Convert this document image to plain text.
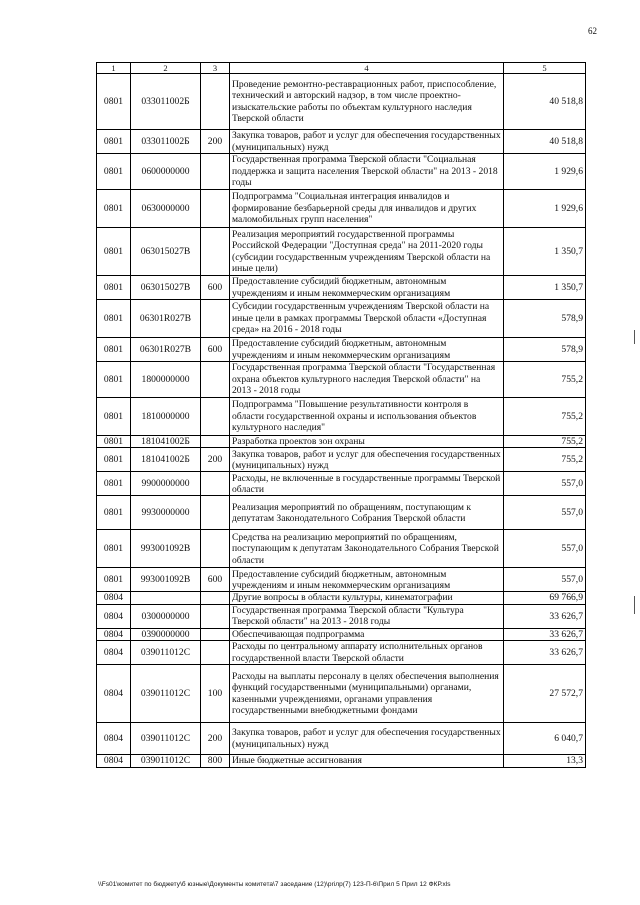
62
1	2	3	4	5
0801	033011002Б		Проведение ремонтно-реставрационных работ, приспособление, технический и авторский надзор, в том числе проектно-изыскательские работы по объектам культурного наследия Тверской области	40 518,8
0801	033011002Б	200	Закупка товаров, работ и услуг для обеспечения государственных (муниципальных) нужд	40 518,8
0801	0600000000		Государственная программа Тверской области "Социальная поддержка и защита населения Тверской области" на 2013 - 2018 годы	1 929,6
0801	0630000000		Подпрограмма "Социальная интеграция инвалидов и формирование безбарьерной среды для инвалидов и других маломобильных групп населения"	1 929,6
0801	063015027В		Реализация мероприятий государственной программы Российской Федерации "Доступная среда" на 2011-2020 годы (субсидии государственным учреждениям Тверской области на иные цели)	1 350,7
0801	063015027В	600	Предоставление субсидий бюджетным, автономным учреждениям и иным некоммерческим организациям	1 350,7
0801	06301R027В		Субсидии государственным учреждениям Тверской области на иные цели в рамках программы Тверской области «Доступная среда» на 2016 - 2018 годы	578,9
0801	06301R027В	600	Предоставление субсидий бюджетным, автономным учреждениям и иным некоммерческим организациям	578,9
0801	1800000000		Государственная программа Тверской области "Государственная охрана объектов культурного наследия Тверской области" на 2013 - 2018 годы	755,2
0801	1810000000		Подпрограмма "Повышение результативности контроля в области государственной охраны и использования объектов культурного наследия"	755,2
0801	181041002Б		Разработка проектов зон охраны	755,2
0801	181041002Б	200	Закупка товаров, работ и услуг для обеспечения государственных (муниципальных) нужд	755,2
0801	9900000000		Расходы, не включенные в государственные программы Тверской области	557,0
0801	9930000000		Реализация мероприятий по обращениям, поступающим к депутатам Законодательного Собрания Тверской области	557,0
0801	993001092В		Средства на реализацию мероприятий по обращениям, поступающим к депутатам Законодательного Собрания Тверской области	557,0
0801	993001092В	600	Предоставление субсидий бюджетным, автономным учреждениям и иным некоммерческим организациям	557,0
0804			Другие вопросы в области культуры, кинематографии	69 766,9
0804	0300000000		Государственная программа Тверской области "Культура Тверской области" на 2013 - 2018 годы	33 626,7
0804	0390000000		Обеспечивающая подпрограмма	33 626,7
0804	039011012С		Расходы по центральному аппарату исполнительных органов государственной власти Тверской области	33 626,7
0804	039011012С	100	Расходы на выплаты персоналу в целях обеспечения выполнения функций государственными (муниципальными) органами, казенными учреждениями, органами управления государственными внебюджетными фондами	27 572,7
0804	039011012С	200	Закупка товаров, работ и услуг для обеспечения государственных (муниципальных) нужд	6 040,7
0804	039011012С	800	Иные бюджетные ассигнования	13,3
\\Fs01\комитет по бюджету\б юзные\Документы комитета\7 заседание (12)\priлр(7) 123-П-6\Прил 5 Прил 12 ФКР.xls
